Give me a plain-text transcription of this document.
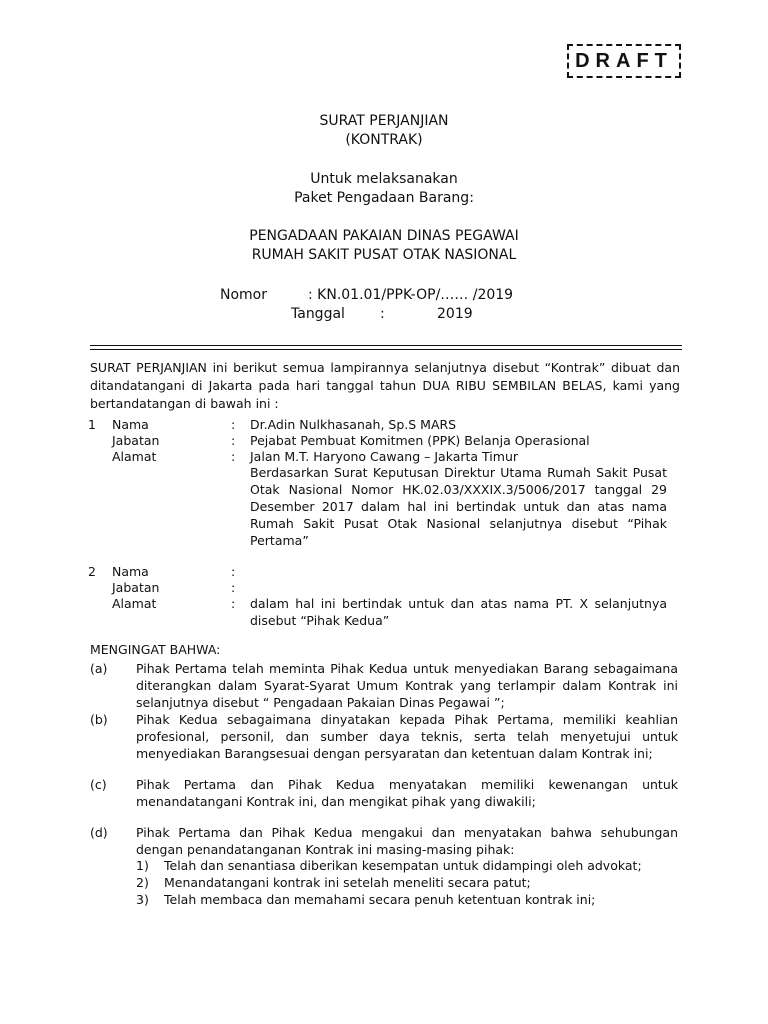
DRAFT
SURAT PERJANJIAN
(KONTRAK)
Untuk melaksanakan
Paket Pengadaan Barang:
PENGADAAN PAKAIAN DINAS PEGAWAI
RUMAH SAKIT PUSAT OTAK NASIONAL
Nomor	: KN.01.01/PPK-OP/…… /2019
Tanggal	:	2019
SURAT PERJANJIAN ini berikut semua lampirannya selanjutnya disebut “Kontrak” dibuat dan ditandatangani di Jakarta pada hari tanggal tahun DUA RIBU SEMBILAN BELAS, kami yang bertandatangan di bawah ini :
1 Nama	: Dr.Adin Nulkhasanah, Sp.S MARS
Jabatan	: Pejabat Pembuat Komitmen (PPK) Belanja Operasional
Alamat	: Jalan M.T. Haryono Cawang – Jakarta Timur
Berdasarkan Surat Keputusan Direktur Utama Rumah Sakit Pusat Otak Nasional Nomor HK.02.03/XXXIX.3/5006/2017 tanggal 29 Desember 2017 dalam hal ini bertindak untuk dan atas nama Rumah Sakit Pusat Otak Nasional selanjutnya disebut “Pihak Pertama”
2 Nama	:
Jabatan	:
Alamat	: dalam hal ini bertindak untuk dan atas nama PT. X selanjutnya disebut “Pihak Kedua”
MENGINGAT BAHWA:
(a) Pihak Pertama telah meminta Pihak Kedua untuk menyediakan Barang sebagaimana diterangkan dalam Syarat-Syarat Umum Kontrak yang terlampir dalam Kontrak ini selanjutnya disebut “ Pengadaan Pakaian Dinas Pegawai ”;
(b) Pihak Kedua sebagaimana dinyatakan kepada Pihak Pertama, memiliki keahlian profesional, personil, dan sumber daya teknis, serta telah menyetujui untuk menyediakan Barangsesuai dengan persyaratan dan ketentuan dalam Kontrak ini;
(c) Pihak Pertama dan Pihak Kedua menyatakan memiliki kewenangan untuk menandatangani Kontrak ini, dan mengikat pihak yang diwakili;
(d) Pihak Pertama dan Pihak Kedua mengakui dan menyatakan bahwa sehubungan dengan penandatanganan Kontrak ini masing-masing pihak:
1) Telah dan senantiasa diberikan kesempatan untuk didampingi oleh advokat;
2) Menandatangani kontrak ini setelah meneliti secara patut;
3) Telah membaca dan memahami secara penuh ketentuan kontrak ini;
